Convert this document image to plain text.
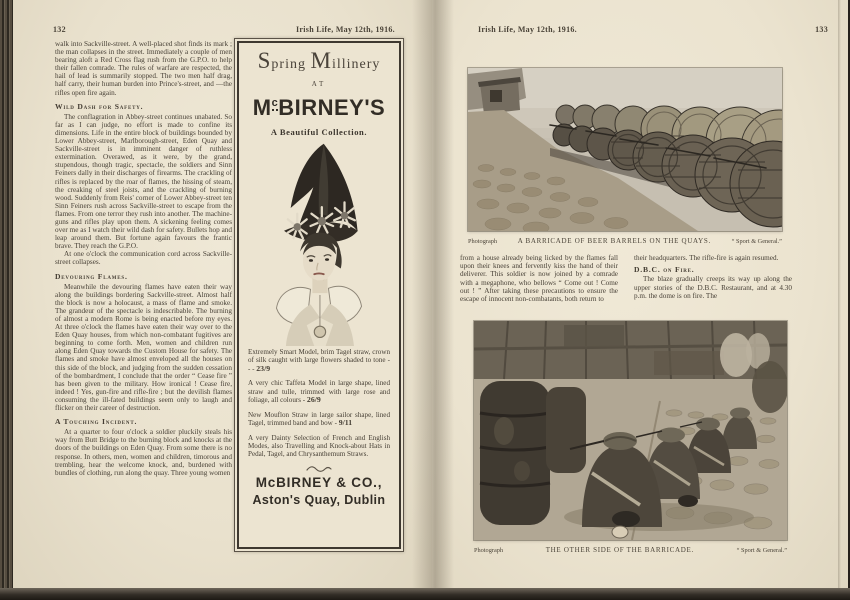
132	Irish Life, May 12th, 1916.

walk into Sackville-street. A well-placed shot finds its mark ; the man collapses in the street. Immediately a couple of men bearing aloft a Red Cross flag rush from the G.P.O. to help their fallen comrade. The rules of warfare are respected, the hail of lead is summarily stopped. The two men half drag, half carry, their human burden into Prince's-street, and —the rifles open fire again.

Wild Dash for Safety.

The conflagration in Abbey-street continues unabated. So far as I can judge, no effort is made to confine its dimensions. Life in the entire block of buildings bounded by Lower Abbey-street, Marlborough-street, Eden Quay and Sackville-street is in imminent danger of ruthless extermination. Overawed, as it were, by the grand, stupendous, though tragic, spectacle, the soldiers and Sinn Feiners dally in their discharges of firearms. The crackling of rifles is replaced by the roar of flames, the hissing of steam, the creaking of steel joists, and the crackling of burning wood. Suddenly from Reis' corner of Lower Abbey-street ten Sinn Feiners rush across Sackville-street to escape from the flames. From one terror they rush into another. The machine-guns and rifles play upon them. A sickening feeling comes over me as I watch their wild dash for safety. Bullets hop and leap around them. But fortune again favours the frantic brave. They reach the G.P.O.

At one o'clock the communication cord across Sackville-street collapses.

Devouring Flames.

Meanwhile the devouring flames have eaten their way along the buildings bordering Sackville-street. Almost half the block is now a holocaust, a mass of flame and smoke. The grandeur of the spectacle is indescribable. The burning of almost a modern Rome is being enacted before my eyes. At three o'clock the flames have eaten their way over to the Eden Quay houses, from which non-combatant fugitives are beginning to come forth. Men, women and children run along Eden Quay towards the Custom House for safety. The flames and smoke have almost enveloped all the houses on this side of the block, and judging from the sudden cessation of the bombardment, I conclude that the order “ Cease fire ” has been given to the military. How ironical ! Cease fire, indeed ! Yes, gun-fire and rifle-fire ; but the devilish flames consuming the ill-fated buildings seem only to laugh and flicker on their career of destruction.

A Touching Incident.

At a quarter to four o'clock a soldier pluckily steals his way from Butt Bridge to the burning block and knocks at the doors of the buildings on Eden Quay. From some there is no response. In others, men, women and children, timorous and trembling, hear the welcome knock, and, burdened with bundles of clothing, run along the quay. Three young women

Spring Millinery
AT
$M^cBIRNEY'S$
A Beautiful Collection.

Extremely Smart Model, brim Tagel straw, crown of silk caught with large flowers shaded to tone - - - 23/9

A very chic Taffeta Model in large shape, lined straw and tulle, trimmed with large rose and foliage, all colours - 26/9

New Mouflon Straw in large sailor shape, lined Tagel, trimmed band and bow - 9/11

A very Dainty Selection of French and English Modes, also Travelling and Knock-about Hats in Pedal, Tagel, and Chrysanthemum Straws.

McBIRNEY & CO.,
Aston's Quay, Dublin
Irish Life, May 12th, 1916.	133
Photograph	A BARRICADE OF BEER BARRELS ON THE QUAYS.	“ Sport & General.”

from a house already being licked by the flames fall upon their knees and fervently kiss the hand of their deliverer. This soldier is now joined by a comrade with a megaphone, who bellows “ Come out ! Come out ! ” After taking these precautions to ensure the escape of innocent non-combatants, both return to

their headquarters. The rifle-fire is again resumed.

D.B.C. on Fire.

The blaze gradually creeps its way up along the upper stories of the D.B.C. Restaurant, and at 4.30 p.m. the dome is on fire. The

Photograph	THE OTHER SIDE OF THE BARRICADE.	“ Sport & General.”
